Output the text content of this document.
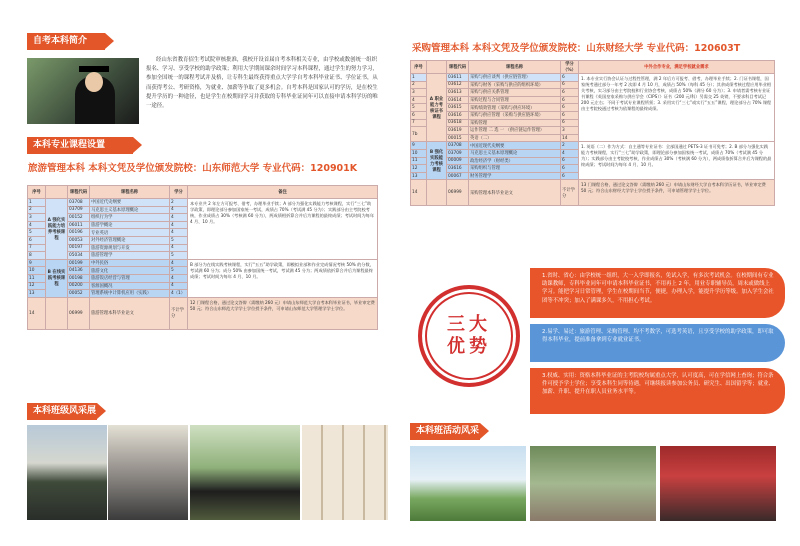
自考本科简介
经山东省教育招生考试院审核批准，我校开设首届自考本科相关专业，由学校或数创统一组织报名、学习、享受学校的助学政策；利用大学期间课余时间学习本科课程，通过学生的努力学习，参加全国统一的课程考试并及格，让专科生最终获得重点大学学自考本科毕业证书、学位证书，从而获得考公、考研资格，为就业、加薪等争取了更多机会。自考本科是国家认可的学历，是在校生提升学历的一种途径，也是学生在校期间学习并获取的专科毕业证同年可以直接申请本科学历的唯一途径。
本科专业课程设置
旅游管理本科 本科文凭及学位颁发院校：山东师范大学 专业代码：120901K
序号		课程代码	课程名称	学分	备注
1	A 强化实践能力培养考核课程	03708	中国近代史纲要	2	本专业共 2 年左方可报考、借考，办理毕业手续；A 部分为强化实践能力考核课程，实行“三七”助学政策，即理论部分参加国家统一考试，成绩占 70%（考试满 45 分为）；实践部分由主考院校考核，作业成绩占 30%（考核满 60 分为），两成绩相折算合并后为课程的最终成绩；考试时间为每年 4 月、10 月。
2		03709	马克思主义基本原理概论	4	
3		00152	组织行为学	4	
4		06011	旅游学概论	4	
5		00196	专业英语	4	
6		00053	对外经济管理概论	5	
7		00197	旅游资源规划与开发	4	
8		05034	旅游管理学	5	
9	B 在线实践考核课程	00199	中外民俗	4	B 部分为在线实践考核课程，实行“五五”助学政策，即模拟业部和作业完成情况考核 50% 的分数，考试满 60 分为；成分 50% 由参加国统一考试，考试满 45 分为；两成绩依折算合并后为课程最终成绩；考试时间为每年 4 月、10 月。
10		04136	旅游文化	5	
11		00198	旅游饭店经营与管理	4	
12		00200	客源国概况	4	
13		00052	管理系统中计算机应用（实践）	4（1）	
14		06999	旅游管理本科毕业论文	不计学分	12 门课程合格，通过论文答辩（需缴纳 260 元）申请山东师范大学自考本科毕业证书，毕业审定费 50 元；符合山东师范大学学士学位授予条件，可申请山东师范大学管理学学士学位。
本科班级风采展
采购管理本科 本科文凭及学位颁发院校：山东财经大学 专业代码：120603T
序号		课程代码	课程名称	学分（%）	中外合作专业，满足学校就业需求
1	A 职业能力考核证书课程	03611	采购与供应谈判（供应链管理）	6	1. 本专业实行协会认证与过程性管理，满 2 年后方可报考、借考，办理毕业手续；2. 门证书课程，国家统考通过部分一年考 2 次即 4 月 10 月，成绩占 50%（每科 45 分）；其余成绩考核过程应用毕业相关考核，实习部分由主考院校和行业协会考核，成绩占 50%（满分 60 分为）；3. 申请者需考核专业证书课程《英国皇家采购与供应学会（CIPS）》证书（200 元/科）另需交 25 英镑，不要求科目考试记 200 元左右；不同于考试专业课程所须；3. 采用实行“三七”或实行“五五”课程，理论部分占 70% 课程由主考院校通过考核为依课程的最终成绩。
2		03612	采购与财务（采购与供应的组织环境）	6	
3		03613	采购与供应关系管理	6	
4		03614	采购过程与合同管理	6	
5		03615	采购绩效管理（采购与供应环境）	6	
6		03616	采购与供应管理（采购与供应链环境）	6	
7		03618	采购管理	6	
7b		03619	运作管理 二 选 一 （供应链运作管理）	3	
		00015	英语（二）	14	
9	B 强化实践能力考核课程	03708	中国近现代史纲要	2	1. 英语（二）作为方式：自主通等专业证书：全部国通过 PETS-3 证书可免考；2. B 部分与强化实践能力考核课程，实行“三七”助学政策，即理论部分参加国家统一考试，成绩占 70%（考试满 45 分为）；实践部分由主考院校考核，作业成绩占 30%（考核满 60 分为），两成绩依折算合并后为课程的最终成绩；考试时间为每年 4 月、10 月。
10		03709	马克思主义基本原理概论	4	
11		00009	政治经济学（财经类）	6	
12		03616	采购组织与管理	6	
13		00067	财务管理学	6	
14		06999	采购管理本科毕业论文	不计学分	13 门课程合格，通过论文答辩（需缴纳 260 元）申请山东财经大学自考本科学历证书，毕业审定费 50 元；符合山东财经大学学士学位授予条件，可申请管理学学士学位。
三大
优势
1.省时、省心：由学校统一组织，大一入学即报名，免试入学，有多次考试机会。在校期间有专业助课教师，专科毕业同年可申请本科毕业证书，不用再上 2 年，用业专职辅导员，周末或做线上学习。能把学习日常管理，学生在校期间当节，便捷，办理入学，能提升学历等级。加入学生会社团等不冲突；加入了满课多久，不用担心考试。
2.易学、易过：旅游管理、采购管理、均不考数学，可选考英语，且享受学校的助学政策，即可取得本科毕业，提前准备拿到专业就业证书。
3.权威、实用：资格本科毕业证的主考院校均属重点大学，认可度高，可在学信网上查询；符合条件可授予学士学位；享受本科生同等待遇，可继续报读参加公务员、研究生、出国留学等；就业、加薪、升职、提升在职人员业务水平等。
本科班活动风采
